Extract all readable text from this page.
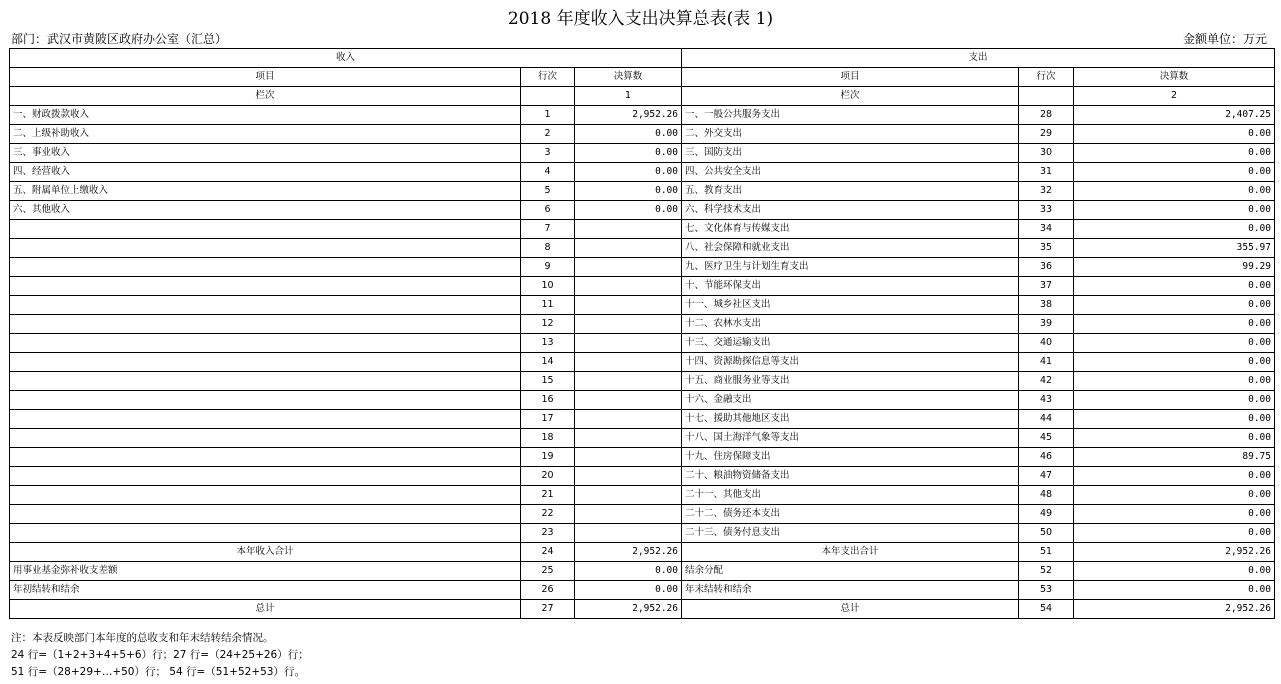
2018 年度收入支出决算总表(表 1)
部门：武汉市黄陂区政府办公室（汇总）	金额单位：万元
收入			支出		
项目	行次	决算数	项目	行次	决算数
栏次		1	栏次		2
一、财政拨款收入	1	2,952.26	一、一般公共服务支出	28	2,407.25
二、上级补助收入	2	0.00	二、外交支出	29	0.00
三、事业收入	3	0.00	三、国防支出	30	0.00
四、经营收入	4	0.00	四、公共安全支出	31	0.00
五、附属单位上缴收入	5	0.00	五、教育支出	32	0.00
六、其他收入	6	0.00	六、科学技术支出	33	0.00
	7		七、文化体育与传媒支出	34	0.00
	8		八、社会保障和就业支出	35	355.97
	9		九、医疗卫生与计划生育支出	36	99.29
	10		十、节能环保支出	37	0.00
	11		十一、城乡社区支出	38	0.00
	12		十二、农林水支出	39	0.00
	13		十三、交通运输支出	40	0.00
	14		十四、资源勘探信息等支出	41	0.00
	15		十五、商业服务业等支出	42	0.00
	16		十六、金融支出	43	0.00
	17		十七、援助其他地区支出	44	0.00
	18		十八、国土海洋气象等支出	45	0.00
	19		十九、住房保障支出	46	89.75
	20		二十、粮油物资储备支出	47	0.00
	21		二十一、其他支出	48	0.00
	22		二十二、债务还本支出	49	0.00
	23		二十三、债务付息支出	50	0.00
本年收入合计	24	2,952.26	本年支出合计	51	2,952.26
用事业基金弥补收支差额	25	0.00	结余分配	52	0.00
年初结转和结余	26	0.00	年末结转和结余	53	0.00
总计	27	2,952.26	总计	54	2,952.26
注：本表反映部门本年度的总收支和年末结转结余情况。
24 行=（1+2+3+4+5+6）行；27 行=（24+25+26）行；
51 行=（28+29+…+50）行； 54 行=（51+52+53）行。
